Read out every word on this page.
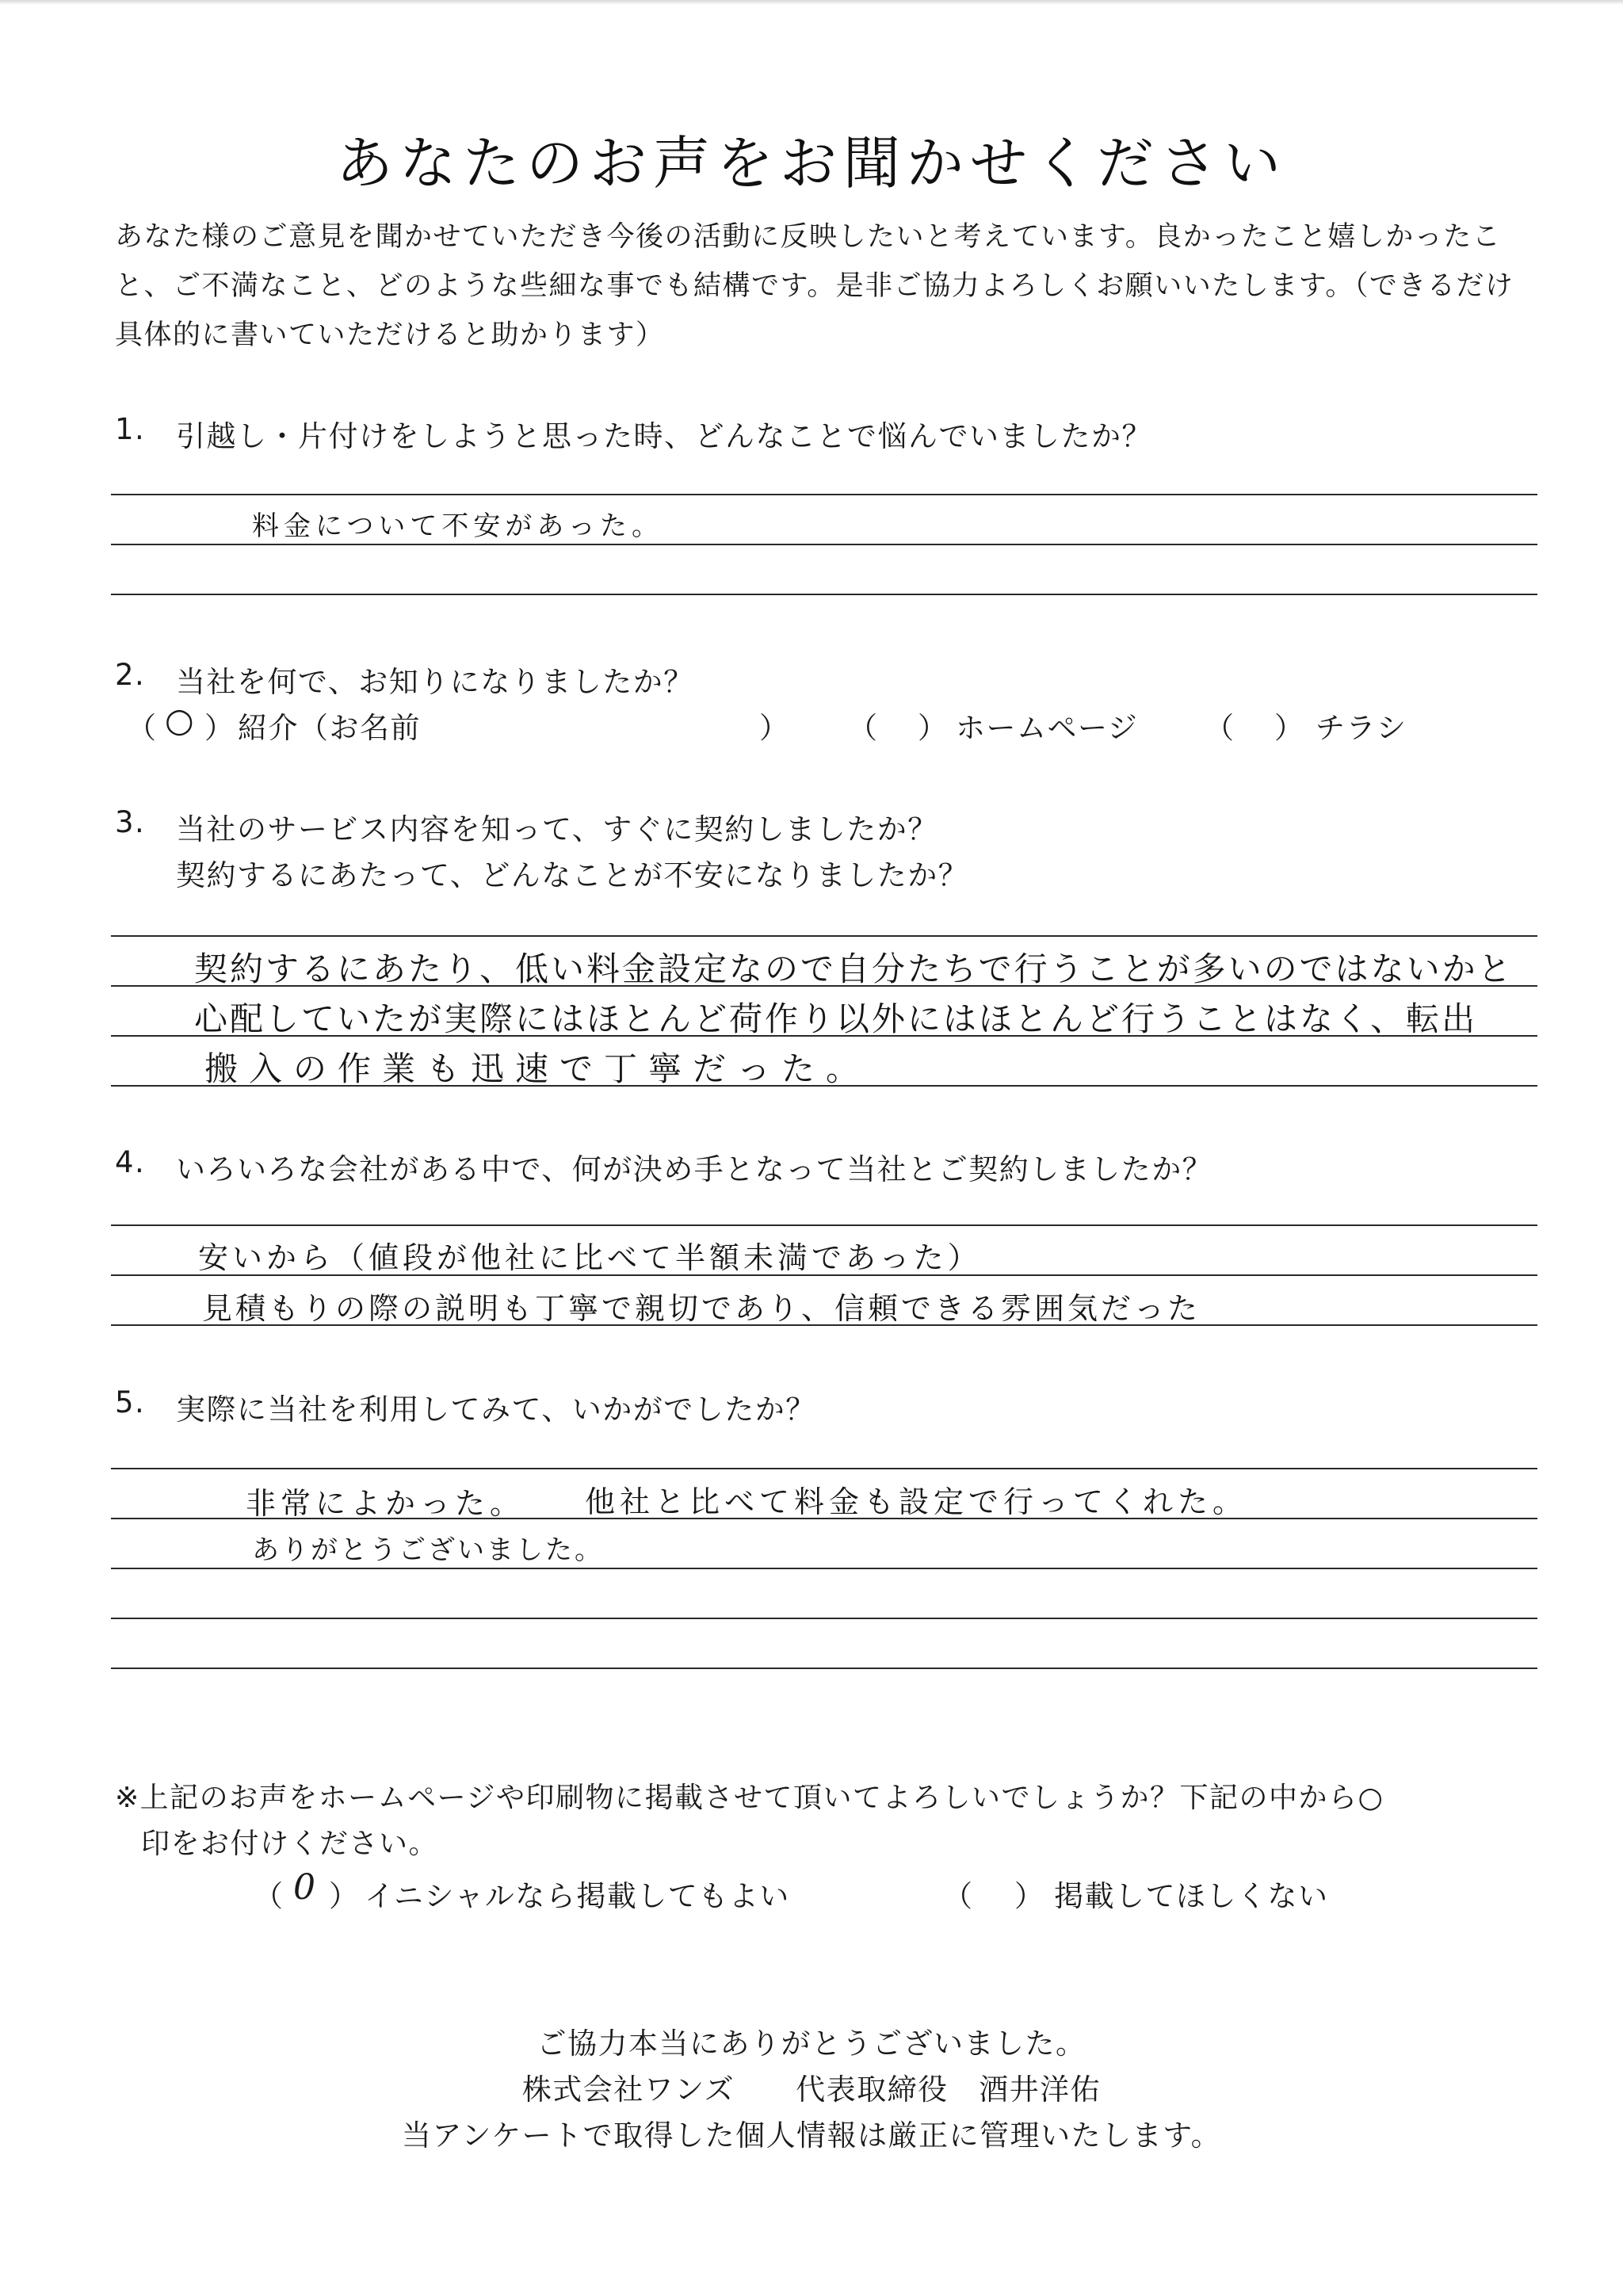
あなたのお声をお聞かせください
あなた様のご意見を聞かせていただき今後の活動に反映したいと考えています。良かったこと嬉しかったこと、ご不満なこと、どのような些細な事でも結構です。是非ご協力よろしくお願いいたします。（できるだけ具体的に書いていただけると助かります）
1. 引越し・片付けをしようと思った時、どんなことで悩んでいましたか？
料金について不安があった。
2. 当社を何で、お知りになりましたか？
（ ○ ） 紹介（お名前	） （ ） ホームページ （ ） チラシ
3. 当社のサービス内容を知って、すぐに契約しましたか？
契約するにあたって、どんなことが不安になりましたか？
契約するにあたり、低い料金設定なので自分たちで行うことが多いのではないかと
心配していたが実際にはほとんど荷作り以外にはほとんど行うことはなく、転出
搬入の作業も迅速で丁寧だった。
4. いろいろな会社がある中で、何が決め手となって当社とご契約しましたか？
安いから（値段が他社に比べて半額未満であった）
見積もりの際の説明も丁寧で親切であり、信頼できる雰囲気だった
5. 実際に当社を利用してみて、いかがでしたか？
非常によかった。 他社と比べて料金も設定で行ってくれた。
ありがとうございました。
※上記のお声をホームページや印刷物に掲載させて頂いてよろしいでしょうか？下記の中から○
印をお付けください。
（ 0 ） イニシャルなら掲載してもよい	（ ） 掲載してほしくない
ご協力本当にありがとうございました。
株式会社ワンズ　　代表取締役　酒井洋佑
当アンケートで取得した個人情報は厳正に管理いたします。
